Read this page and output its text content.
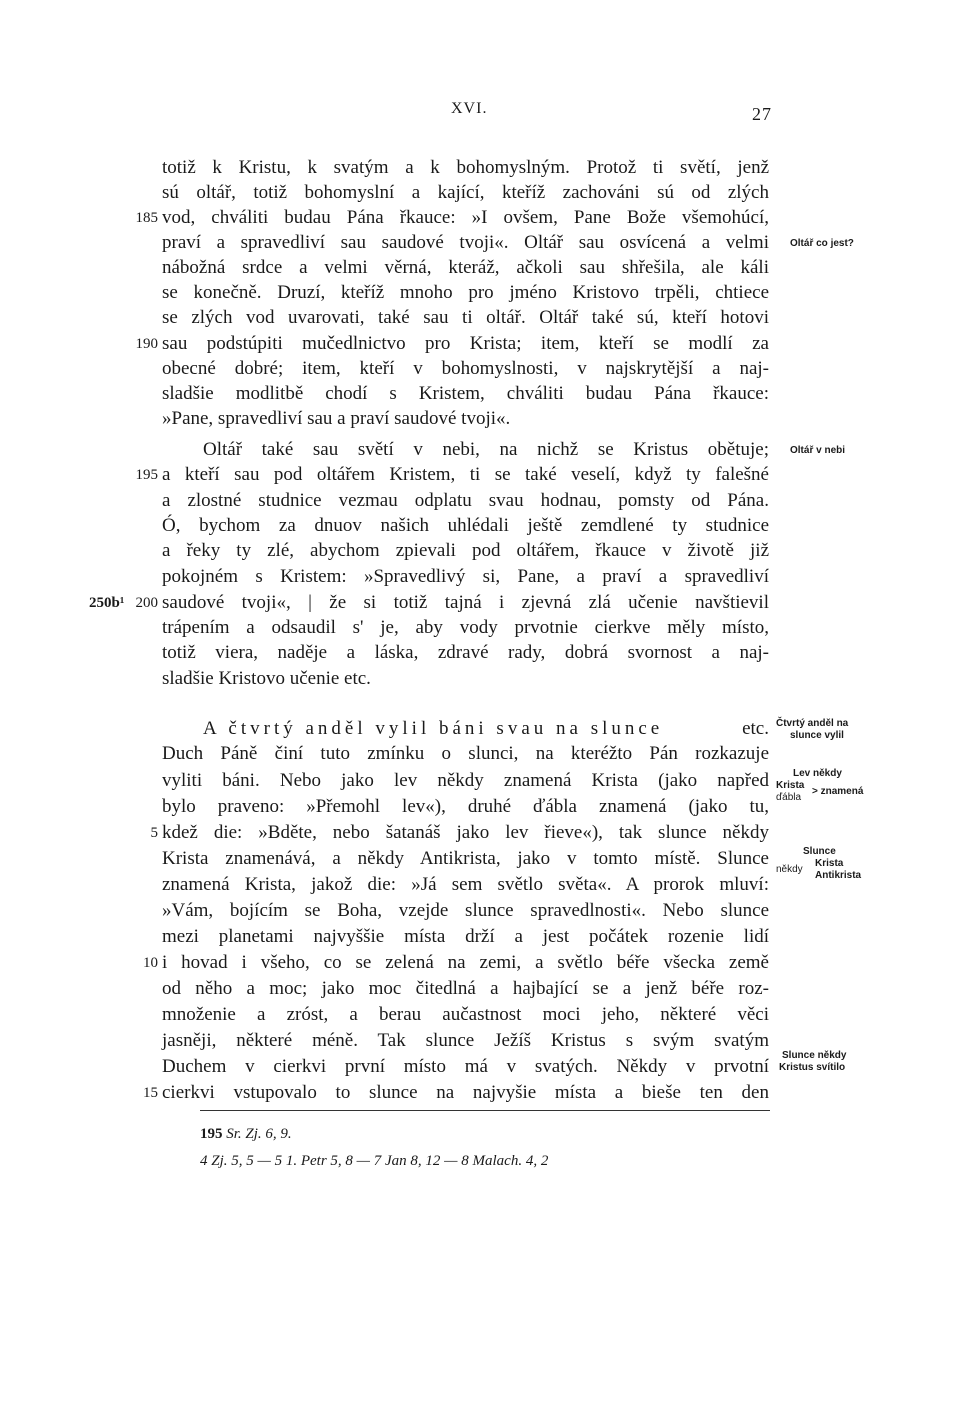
XVI.	27
totiž k Kristu, k svatým a k bohomyslným. Protož ti světí, jenž
sú oltář, totiž bohomyslní a kající, kteříž zachováni sú od zlých
vod, chváliti budau Pána řkauce: »I ovšem, Pane Bože všemohúcí,
praví a spravedliví sau saudové tvoji«. Oltář sau osvícená a velmi
nábožná srdce a velmi věrná, kteráž, ačkoli sau shřešila, ale káli
se konečně. Druzí, kteříž mnoho pro jméno Kristovo trpěli, chtiece
se zlých vod uvarovati, také sau ti oltář. Oltář také sú, kteří hotovi
sau podstúpiti mučedlnictvo pro Krista; item, kteří se modlí za
obecné dobré; item, kteří v bohomyslnosti, v najskrytější a naj-
sladšie modlitbě chodí s Kristem, chváliti budau Pána řkauce:
»Pane, spravedliví sau a praví saudové tvoji«.
Oltář také sau světí v nebi, na nichž se Kristus obětuje;
a kteří sau pod oltářem Kristem, ti se také veselí, když ty falešné
a zlostné studnice vezmau odplatu svau hodnau, pomsty od Pána.
Ó, bychom za dnuov našich uhlédali ještě zemdlené ty studnice
a řeky ty zlé, abychom zpievali pod oltářem, řkauce v životě již
pokojném s Kristem: »Spravedlivý si, Pane, a praví a spravedliví
saudové tvoji«, | že si totiž tajná i zjevná zlá učenie navštievil
trápením a odsaudil s' je, aby vody prvotnie cierkve měly místo,
totiž viera, naděje a láska, zdravé rady, dobrá svornost a naj-
sladšie Kristovo učenie etc.
A čtvrtý anděl vylil báni svau na slunce	etc.
Duch Páně činí tuto zmínku o slunci, na kteréžto Pán rozkazuje
vyliti báni. Nebo jako lev někdy znamená Krista (jako napřed
bylo praveno: »Přemohl lev«), druhé ďábla znamená (jako tu,
kdež die: »Bděte, nebo šatanáš jako lev řieve«), tak slunce někdy
Krista znamenává, a někdy Antikrista, jako v tomto místě. Slunce
znamená Krista, jakož die: »Já sem světlo světa«. A prorok mluví:
»Vám, bojícím se Boha, vzejde slunce spravedlnosti«. Nebo slunce
mezi planetami najvyššie místa drží a jest počátek rozenie lidí
i hovad i všeho, co se zelená na zemi, a světlo béře všecka země
od něho a moc; jako moc čitedlná a hajbající se a jenž béře roz-
množenie a zróst, a berau aučastnost moci jeho, některé věci
jasněji, některé méně. Tak slunce Ježíš Kristus s svým svatým
Duchem v cierkvi první místo má v svatých. Někdy v prvotní
cierkvi vstupovalo to slunce na najvyšie místa a bieše ten den
185
190
195
200
250b¹
5
10
15
Oltář co jest?
Oltář v nebi
Čtvrtý anděl na
slunce vylil
Lev někdy
Krista
ďábla
> znamená
Slunce
někdy
Krista
Antikrista
Slunce někdy
Kristus svítilo
195 Sr. Zj. 6, 9.
4 Zj. 5, 5 — 5 1. Petr 5, 8 — 7 Jan 8, 12 — 8 Malach. 4, 2
